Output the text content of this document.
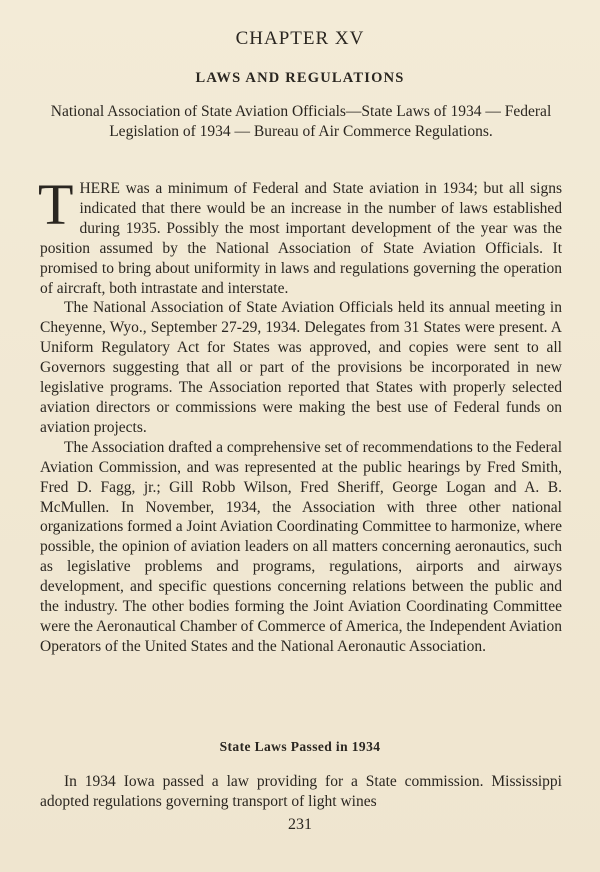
CHAPTER XV
LAWS AND REGULATIONS
National Association of State Aviation Officials—State Laws of 1934 — Federal Legislation of 1934 — Bureau of Air Commerce Regulations.

THERE was a minimum of Federal and State aviation in 1934; but all signs indicated that there would be an increase in the number of laws established during 1935. Possibly the most important development of the year was the position assumed by the National Association of State Aviation Officials. It promised to bring about uniformity in laws and regulations governing the operation of aircraft, both intrastate and interstate.

The National Association of State Aviation Officials held its annual meeting in Cheyenne, Wyo., September 27-29, 1934. Delegates from 31 States were present. A Uniform Regulatory Act for States was approved, and copies were sent to all Governors suggesting that all or part of the provisions be incorporated in new legislative programs. The Association reported that States with properly selected aviation directors or commissions were making the best use of Federal funds on aviation projects.

The Association drafted a comprehensive set of recommendations to the Federal Aviation Commission, and was represented at the public hearings by Fred Smith, Fred D. Fagg, jr.; Gill Robb Wilson, Fred Sheriff, George Logan and A. B. McMullen. In November, 1934, the Association with three other national organizations formed a Joint Aviation Coordinating Committee to harmonize, where possible, the opinion of aviation leaders on all matters concerning aeronautics, such as legislative problems and programs, regulations, airports and airways development, and specific questions concerning relations between the public and the industry. The other bodies forming the Joint Aviation Coordinating Committee were the Aeronautical Chamber of Commerce of America, the Independent Aviation Operators of the United States and the National Aeronautic Association.

State Laws Passed in 1934

In 1934 Iowa passed a law providing for a State commission. Mississippi adopted regulations governing transport of light wines

231
